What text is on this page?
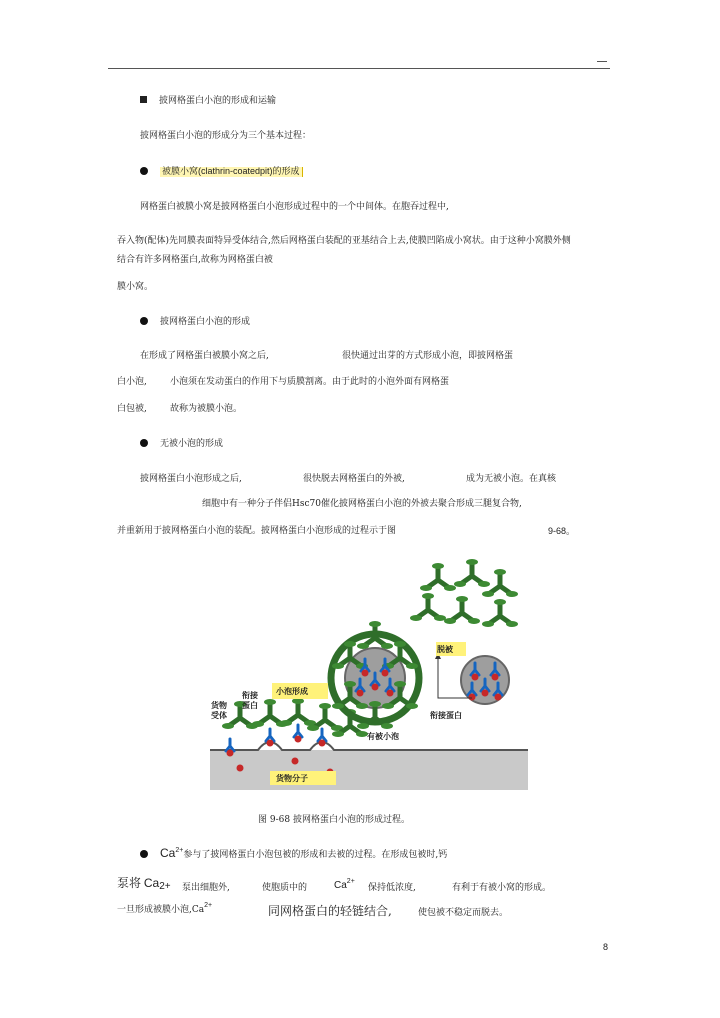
披网格蛋白小泡的形成和运输
披网格蛋白小泡的形成分为三个基本过程：
被膜小窝(clathrin-coatedpit)的形成
网格蛋白被膜小窝是披网格蛋白小泡形成过程中的一个中间体。在胞吞过程中,
吞入物(配体)先同膜表面特异受体结合,然后网格蛋白装配的亚基结合上去,使膜凹陷成小窝状。由于这种小窝膜外侧
结合有许多网格蛋白,故称为网格蛋白被
膜小窝。
披网格蛋白小泡的形成
在形成了网格蛋白被膜小窝之后,	很快通过出芽的方式形成小泡，即披网格蛋
白小泡,	小泡须在发动蛋白的作用下与质膜割离。由于此时的小泡外面有网格蛋
白包被,	故称为被膜小泡。
无被小泡的形成
披网格蛋白小泡形成之后,	很快脱去网格蛋白的外被,	成为无被小泡。在真核
细胞中有一种分子伴侣Hsc70催化披网格蛋白小泡的外被去聚合形成三腿复合物,
并重新用于披网格蛋白小泡的装配。披网格蛋白小泡形成的过程示于图	9-68。
脱被
小泡形成
衔接
蛋白
货物
受体	衔接蛋白
有被小泡
货物分子
图 9-68 披网格蛋白小泡的形成过程。
$Ca^{2+}$参与了披网格蛋白小泡包被的形成和去被的过程。在形成包被时,钙
泵将 $Ca_{2+}$ 泵出细胞外,	使胞质中的	$Ca^{2+}$
保持低浓度,	有利于有被小窝的形成。
一旦形成被膜小泡$,Ca^{2+}$	同网格蛋白的轻链结合,	使包被不稳定而脱去。
8
